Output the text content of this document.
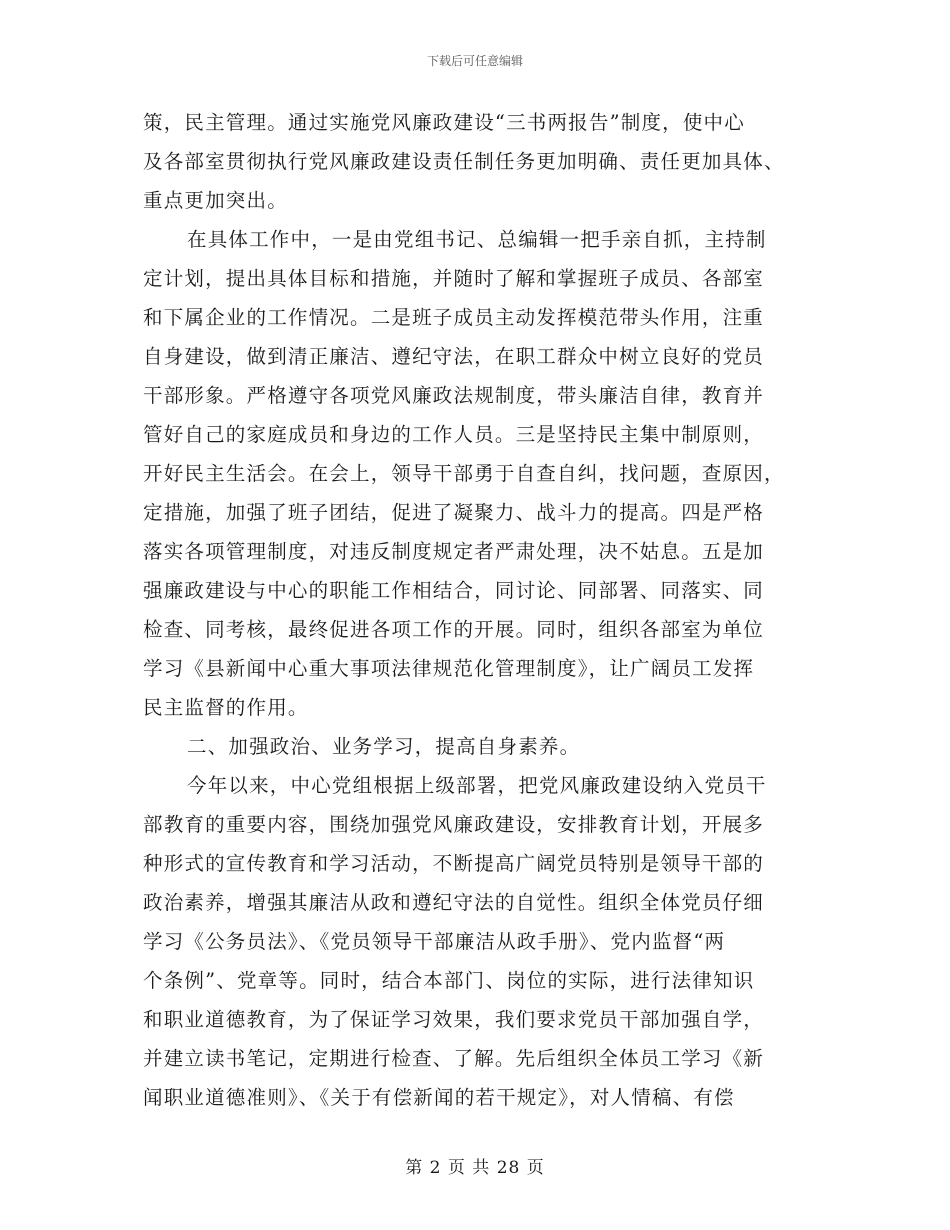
下载后可任意编辑
策，民主管理。通过实施党风廉政建设“三书两报告”制度，使中心
及各部室贯彻执行党风廉政建设责任制任务更加明确、责任更加具体、
重点更加突出。
在具体工作中，一是由党组书记、总编辑一把手亲自抓，主持制
定计划，提出具体目标和措施，并随时了解和掌握班子成员、各部室
和下属企业的工作情况。二是班子成员主动发挥模范带头作用，注重
自身建设，做到清正廉洁、遵纪守法，在职工群众中树立良好的党员
干部形象。严格遵守各项党风廉政法规制度，带头廉洁自律，教育并
管好自己的家庭成员和身边的工作人员。三是坚持民主集中制原则，
开好民主生活会。在会上，领导干部勇于自查自纠，找问题，查原因，
定措施，加强了班子团结，促进了凝聚力、战斗力的提高。四是严格
落实各项管理制度，对违反制度规定者严肃处理，决不姑息。五是加
强廉政建设与中心的职能工作相结合，同讨论、同部署、同落实、同
检查、同考核，最终促进各项工作的开展。同时，组织各部室为单位
学习《县新闻中心重大事项法律规范化管理制度》，让广阔员工发挥
民主监督的作用。
二、加强政治、业务学习，提高自身素养。
今年以来，中心党组根据上级部署，把党风廉政建设纳入党员干
部教育的重要内容，围绕加强党风廉政建设，安排教育计划，开展多
种形式的宣传教育和学习活动，不断提高广阔党员特别是领导干部的
政治素养，增强其廉洁从政和遵纪守法的自觉性。组织全体党员仔细
学习《公务员法》、《党员领导干部廉洁从政手册》、党内监督“两
个条例”、党章等。同时，结合本部门、岗位的实际，进行法律知识
和职业道德教育，为了保证学习效果，我们要求党员干部加强自学，
并建立读书笔记，定期进行检查、了解。先后组织全体员工学习《新
闻职业道德准则》、《关于有偿新闻的若干规定》，对人情稿、有偿
第 2 页 共 28 页
